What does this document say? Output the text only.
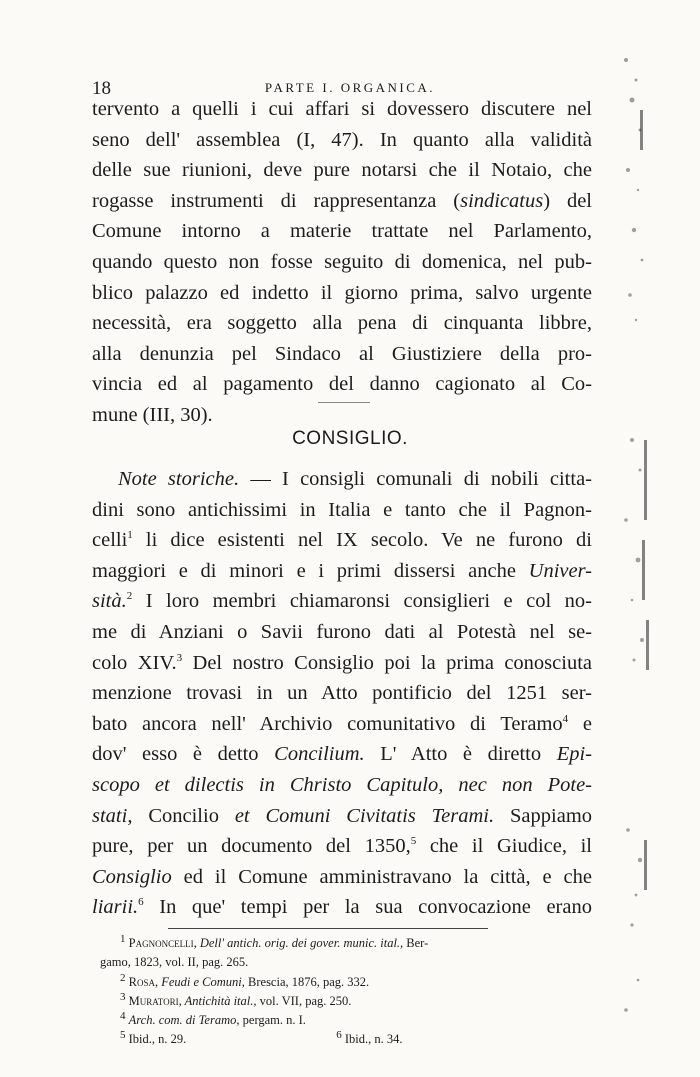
18	PARTE I. ORGANICA.

tervento a quelli i cui affari si dovessero discutere nel

seno dell' assemblea (I, 47). In quanto alla validità

delle sue riunioni, deve pure notarsi che il Notaio, che

rogasse instrumenti di rappresentanza (sindicatus) del

Comune intorno a materie trattate nel Parlamento,

quando questo non fosse seguito di domenica, nel pub-

blico palazzo ed indetto il giorno prima, salvo urgente

necessità, era soggetto alla pena di cinquanta libbre,

alla denunzia pel Sindaco al Giustiziere della pro-

vincia ed al pagamento del danno cagionato al Co-

CONSIGLIO.

Note storiche. — I consigli comunali di nobili citta-

dini sono antichissimi in Italia e tanto che il Pagnon-

celli$^1$ li dice esistenti nel IX secolo. Ve ne furono di

maggiori e di minori e i primi dissersi anche Univer-

sità.$^2$ I loro membri chiamaronsi consiglieri e col no-

me di Anziani o Savii furono dati al Potestà nel se-

colo XIV.$^3$ Del nostro Consiglio poi la prima conosciuta

menzione trovasi in un Atto pontificio del 1251 ser-

bato ancora nell' Archivio comunitativo di Teramo$^4$ e

dov' esso è detto Concilium. L' Atto è diretto Epi-

scopo et dilectis in Christo Capitulo, nec non Pote-

stati, Concilio et Comuni Civitatis Terami. Sappiamo

pure, per un documento del 1350,$^5$ che il Giudice, il

Consiglio ed il Comune amministravano la città, e che

$^1$ Pagnoncelli, Dell' antich. orig. dei gover. munic. ital., Ber-

gamo, 1823, vol. II, pag. 265.

$^2$ Rosa, Feudi e Comuni, Brescia, 1876, pag. 332.

$^3$ Muratori, Antichità ital., vol. VII, pag. 250.

$^4$ Arch. com. di Teramo, pergam. n. I.

$^5$ Ibid., n. 29.	$^6$ Ibid., n. 34.

mune (III, 30).

liarii.$^6$ In que' tempi per la sua convocazione erano
